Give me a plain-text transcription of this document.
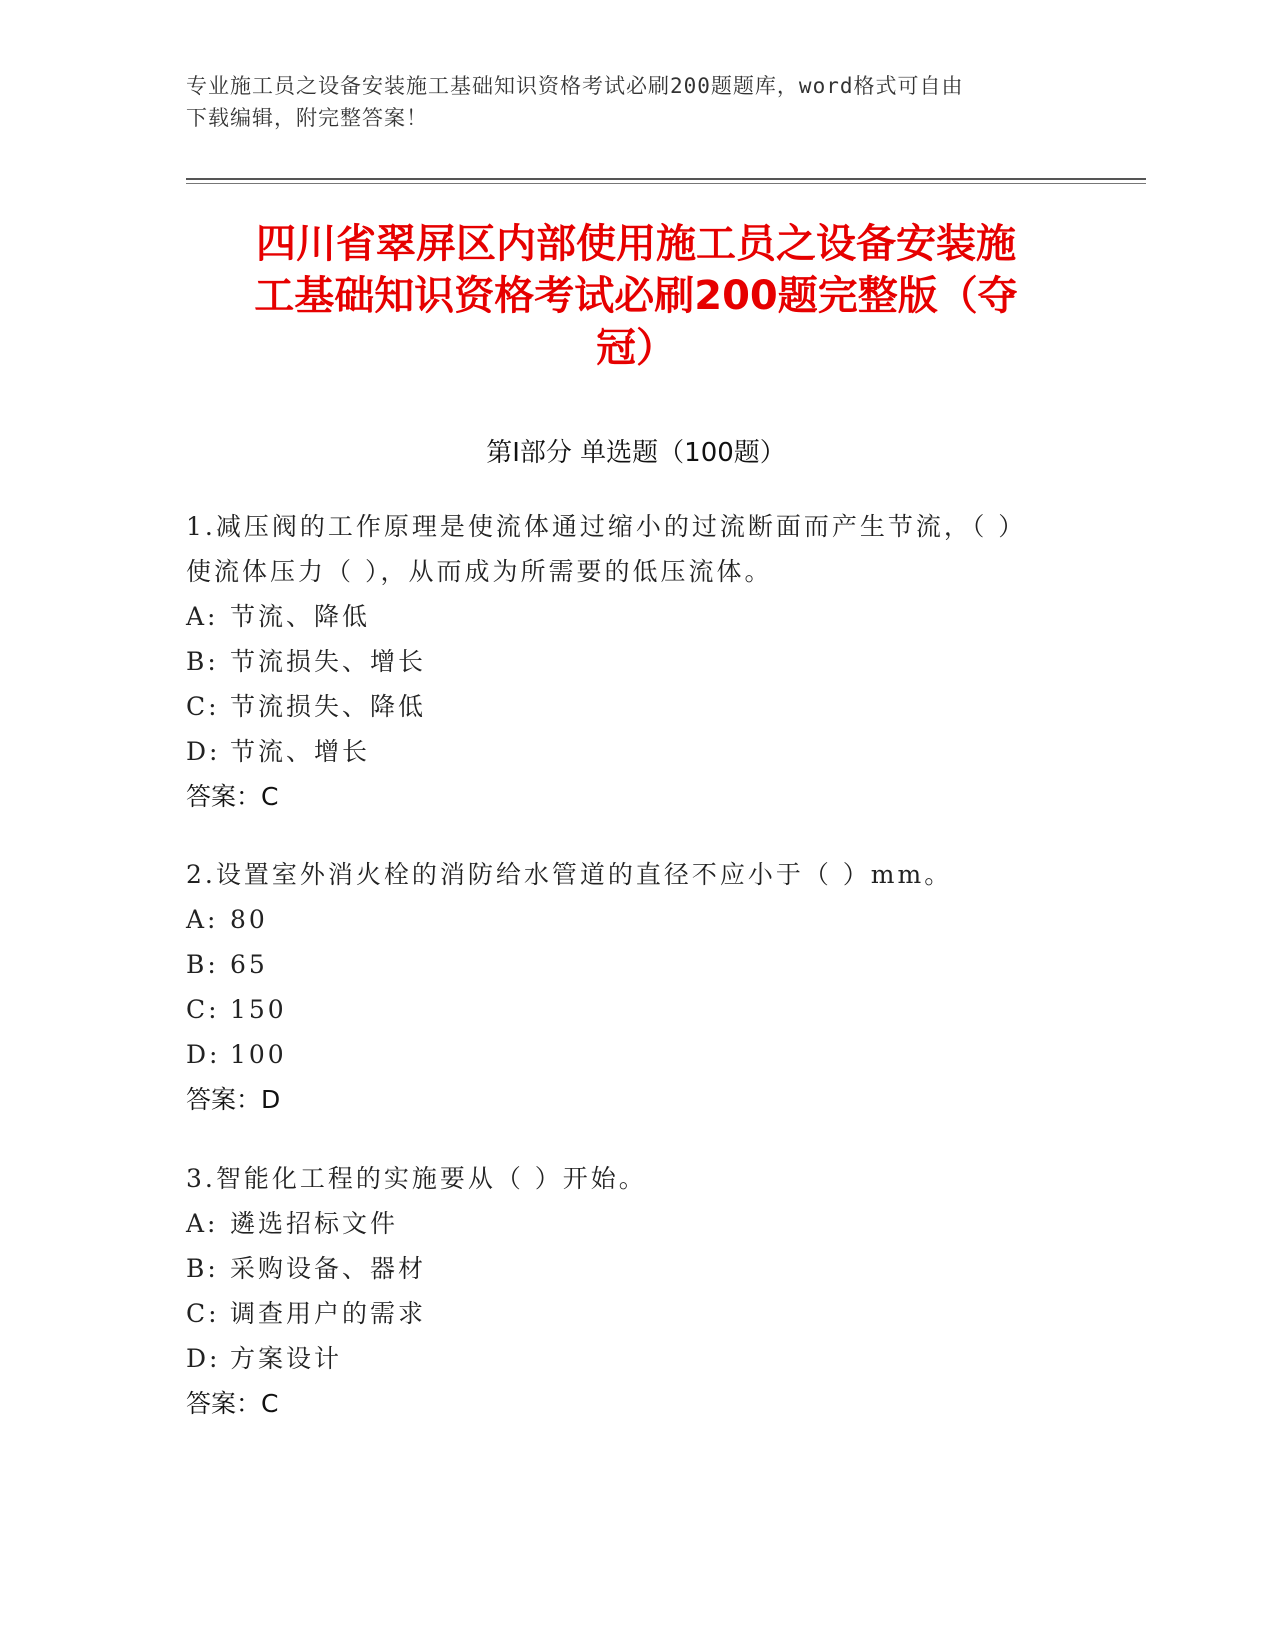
专业施工员之设备安装施工基础知识资格考试必刷200题题库，word格式可自由
下载编辑，附完整答案！
四川省翠屏区内部使用施工员之设备安装施
工基础知识资格考试必刷200题完整版（夺
冠）
第I部分 单选题（100题）

1.减压阀的工作原理是使流体通过缩小的过流断面而产生节流，（ ）

使流体压力（ ），从而成为所需要的低压流体。

A: 节流、降低

B: 节流损失、增长

C: 节流损失、降低

D: 节流、增长

答案：C

2.设置室外消火栓的消防给水管道的直径不应小于（ ）mm。

A: 80

B: 65

C: 150

D: 100

答案：D

3.智能化工程的实施要从（ ）开始。

A: 遴选招标文件

B: 采购设备、器材

C: 调查用户的需求

D: 方案设计

答案：C
